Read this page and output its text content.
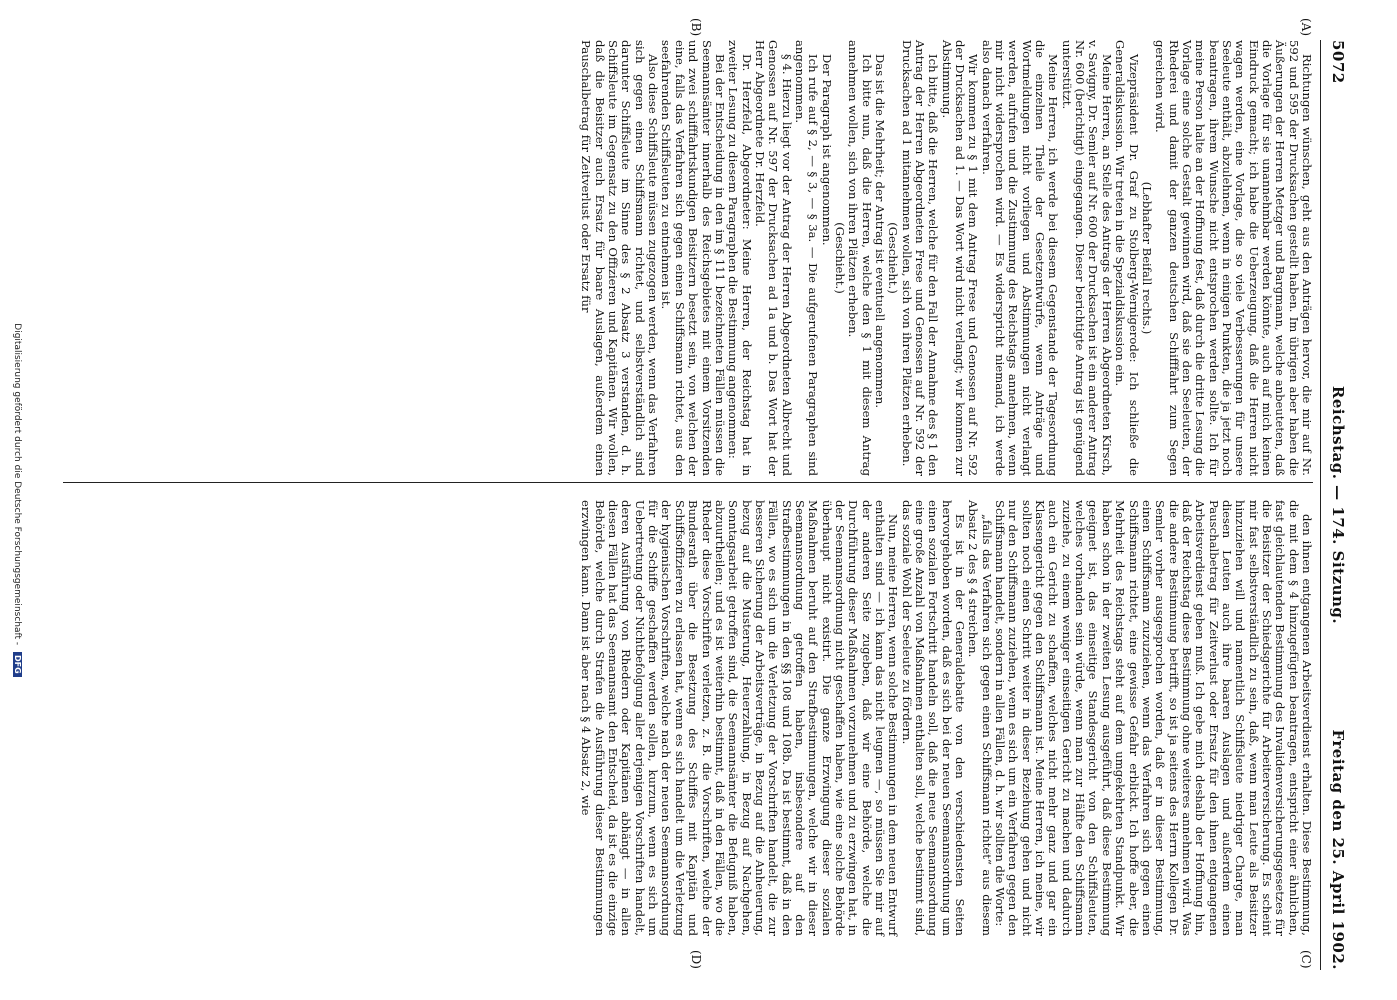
5072
Reichstag. — 174. Sitzung.
Freitag den 25. April 1902.
(A)
(B)
(C)
(D)

Richtungen wünschen, geht aus den Anträgen hervor, die mir auf Nr. 592 und 595 der Drucksachen gestellt haben. Im übrigen aber haben die Äußerungen der Herren Metzger und Bargmann, welche anbeuteten, daß die Vorlage für sie unannehmbar werden könnte, auch auf mich keinen Eindruck gemacht; ich habe die Ueberzeugung, daß die Herren nicht wagen werden, eine Vorlage, die so viele Verbesserungen für unsere Seeleute enthält, abzulehnen, wenn in einigen Punkten, die ja jetzt noch beantragen, ihrem Wunsche nicht entsprochen werden sollte. Ich für meine Person halte an der Hoffnung fest, daß durch die dritte Lesung die Vorlage eine solche Gestalt gewinnen wird, daß sie den Seeleuten, der Rhederei und damit der ganzen deutschen Schifffahrt zum Segen gereichen wird.

(Lebhafter Beifall rechts.)

Vizepräsident Dr. Graf zu Stolberg-Wernigerode: Ich schließe die Generaldiskussion. Wir treten in die Spezialdiskussion ein.

Meine Herren, an Stelle des Antrags der Herren Abgeordneten Kirsch, v. Savigny, Dr. Semler auf Nr. 600 der Drucksachen ist ein anderer Antrag Nr. 600 (berichtigt) eingegangen. Dieser berichtigte Antrag ist genügend unterstützt.

Meine Herren, ich werde bei diesem Gegenstande der Tagesordnung die einzelnen Theile der Gesetzentwürfe, wenn Anträge und Wortmeldungen nicht vorliegen und Abstimmungen nicht verlangt werden, aufrufen und die Zustimmung des Reichstags annehmen, wenn mir nicht widersprochen wird. — Es widerspricht niemand, ich werde also danach verfahren.

Wir kommen zu § 1 mit dem Antrag Frese und Genossen auf Nr. 592 der Drucksachen ad 1. — Das Wort wird nicht verlangt; wir kommen zur Abstimmung.

Ich bitte, daß die Herren, welche für den Fall der Annahme des § 1 den Antrag der Herren Abgeordneten Frese und Genossen auf Nr. 592 der Drucksachen ad 1 mitannehmen wollen, sich von ihren Plätzen erheben.

(Geschieht.)

Das ist die Mehrheit; der Antrag ist eventuell angenommen.

Ich bitte nun, daß die Herren, welche den § 1 mit diesem Antrag annehmen wollen, sich von ihren Plätzen erheben.

(Geschieht.)

Der Paragraph ist angenommen.

Ich rufe auf § 2, — § 3, — § 3a. — Die aufgerufenen Paragraphen sind angenommen.

§ 4. Hierzu liegt vor der Antrag der Herren Abgeordneten Albrecht und Genossen auf Nr. 597 der Drucksachen ad 1a und b. Das Wort hat der Herr Abgeordnete Dr. Herzfeld.

Dr. Herzfeld, Abgeordneter: Meine Herren, der Reichstag hat in zweiter Lesung zu diesem Paragraphen die Bestimmung angenommen:

Bei der Entscheidung in den im § 111 bezeichneten Fällen müssen die Seemannsämter innerhalb des Reichsgebietes mit einem Vorsitzenden und zwei schifffahrtskundigen Beisitzern besetzt sein, von welchen der eine, falls das Verfahren sich gegen einen Schiffsmann richtet, aus den seefahrenden Schiffsleuten zu entnehmen ist.

Also diese Schiffsleute müssen zugezogen werden, wenn das Verfahren sich gegen einen Schiffsmann richtet, und selbstverständlich sind darunter Schiffsleute im Sinne des § 2 Absatz 3 verstanden, d. h. Schiffsleute im Gegensatz zu den Offizieren und Kapitänen. Wir wollen, daß die Beisitzer auch Ersatz für baare Auslagen, außerdem einen Pauschalbetrag für Zeitverlust oder Ersatz für

den ihnen entgangenen Arbeitsverdienst erhalten. Diese Bestimmung, die mit dem § 4 hinzugefügten beantragen, entspricht einer ähnlichen, fast gleichlautenden Bestimmung des Invalidenversicherungsgesetzes für die Beisitzer der Schiedsgerichte für Arbeiterversicherung. Es scheint mir fast selbstverständlich zu sein, daß, wenn man Leute als Beisitzer hinzuziehen will und namentlich Schiffsleute niedriger Charge, man diesen Leuten auch ihre baaren Auslagen und außerdem einen Pauschalbetrag für Zeitverlust oder Ersatz für den ihnen entgangenen Arbeitsverdienst geben muß. Ich gebe mich deshalb der Hoffnung hin, daß der Reichstag diese Bestimmung ohne weiteres annehmen wird. Was die andere Bestimmung betrifft, so ist ja seitens des Herrn Kollegen Dr. Semler vorher ausgesprochen worden, daß er in dieser Bestimmung, einen Schiffsmann zuzuziehen, wenn das Verfahren sich gegen einen Schiffsmann richtet, eine gewisse Gefahr erblickt. Ich hoffe aber, die Mehrheit des Reichstags steht auf dem umgekehrten Standpunkt. Wir haben schon in der zweiten Lesung ausgeführt, daß diese Bestimmung geeignet ist, das einseitige Standesgericht von den Schiffsleuten, welches vorhanden sein würde, wenn man zur Hälfte den Schiffsmann zuziehe, zu einem weniger einseitigen Gericht zu machen und dadurch auch ein Gericht zu schaffen, welches nicht mehr ganz und gar ein Klassengericht gegen den Schiffsmann ist. Meine Herren, ich meine, wir sollten noch einen Schritt weiter in dieser Beziehung gehen und nicht nur den Schiffsmann zuziehen, wenn es sich um ein Verfahren gegen den Schiffsmann handelt, sondern in allen Fällen, d. h. wir sollten die Worte:

„falls das Verfahren sich gegen einen Schiffsmann richtet“ aus diesem Absatz 2 des § 4 streichen.

Es ist in der Generaldebatte von den verschiedensten Seiten hervorgehoben worden, daß es sich bei der neuen Seemannsordnung um einen sozialen Fortschritt handeln soll, daß die neue Seemannsordnung eine große Anzahl von Maßnahmen enthalten soll, welche bestimmt sind, das soziale Wohl der Seeleute zu fördern.

Nun, meine Herren, wenn solche Bestimmungen in dem neuen Entwurf enthalten sind — ich kann das nicht leugnen —, so müssen Sie mir auf der anderen Seite zugeben, daß wir eine Behörde, welche die Durchführung dieser Maßnahmen vorzunehmen und zu erzwingen hat, in der Seemannsordnung nicht geschaffen haben, wie eine solche Behörde überhaupt nicht existirt. Die ganze Erzwingung dieser sozialen Maßnahmen beruht auf den Strafbestimmungen, welche wir in dieser Seemannsordnung getroffen haben, insbesondere auf den Strafbestimmungen in den §§ 108 und 108b. Da ist bestimmt, daß in den Fällen, wo es sich um die Verletzung der Vorschriften handelt, die zur besseren Sicherung der Arbeitsverträge, in Bezug auf die Anheuerung, bezug auf die Musterung, Heuerzahlung, in Bezug auf Nachgehen, Sonntagsarbeit getroffen sind, die Seemannsämter die Befugniß haben, abzuurtheilen; und es ist weiterhin bestimmt, daß in den Fällen, wo die Rheder diese Vorschriften verletzen, z. B. die Vorschriften, welche der Bundesrath über die Besetzung des Schiffes mit Kapitän und Schiffsoffizieren zu erlassen hat, wenn es sich handelt um die Verletzung der hygienischen Vorschriften, welche nach der neuen Seemannsordnung für die Schiffe geschaffen werden sollen, kurzum, wenn es sich um Uebertretung oder Nichtbefolgung aller derjenigen Vorschriften handelt, deren Ausführung von Rhedern oder Kapitänen abhängt — in allen diesen Fällen hat das Seemannsamt den Entscheid, da ist es die einzige Behörde, welche durch Strafen die Ausführung dieser Bestimmungen erzwingen kann. Dann ist aber nach § 4 Absatz 2, wie

Digitalisierung gefördert durch die Deutsche Forschungsgemeinschaft - DFG
